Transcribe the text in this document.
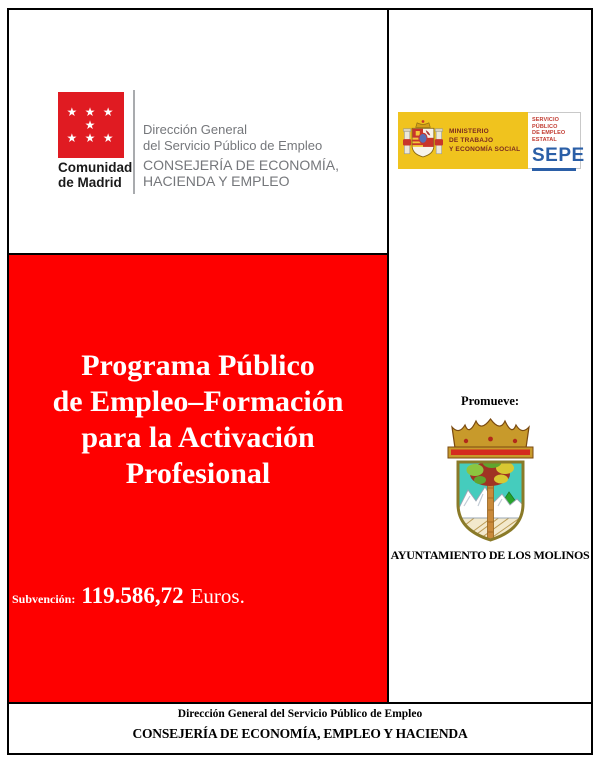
★ ★ ★ ★
★ ★ ★
Comunidad
de Madrid
Dirección General
del Servicio Público de Empleo
CONSEJERÍA DE ECONOMÍA,
HACIENDA Y EMPLEO
Programa Público
de Empleo–Formación
para la Activación
Profesional
Subvención: 119.586,72 Euros.
MINISTERIO
DE TRABAJO
Y ECONOMÍA SOCIAL
SERVICIO PÚBLICO
DE EMPLEO ESTATAL
SEPE
Promueve:
AYUNTAMIENTO DE LOS MOLINOS
Dirección General del Servicio Público de Empleo
CONSEJERÍA DE ECONOMÍA, EMPLEO Y HACIENDA
